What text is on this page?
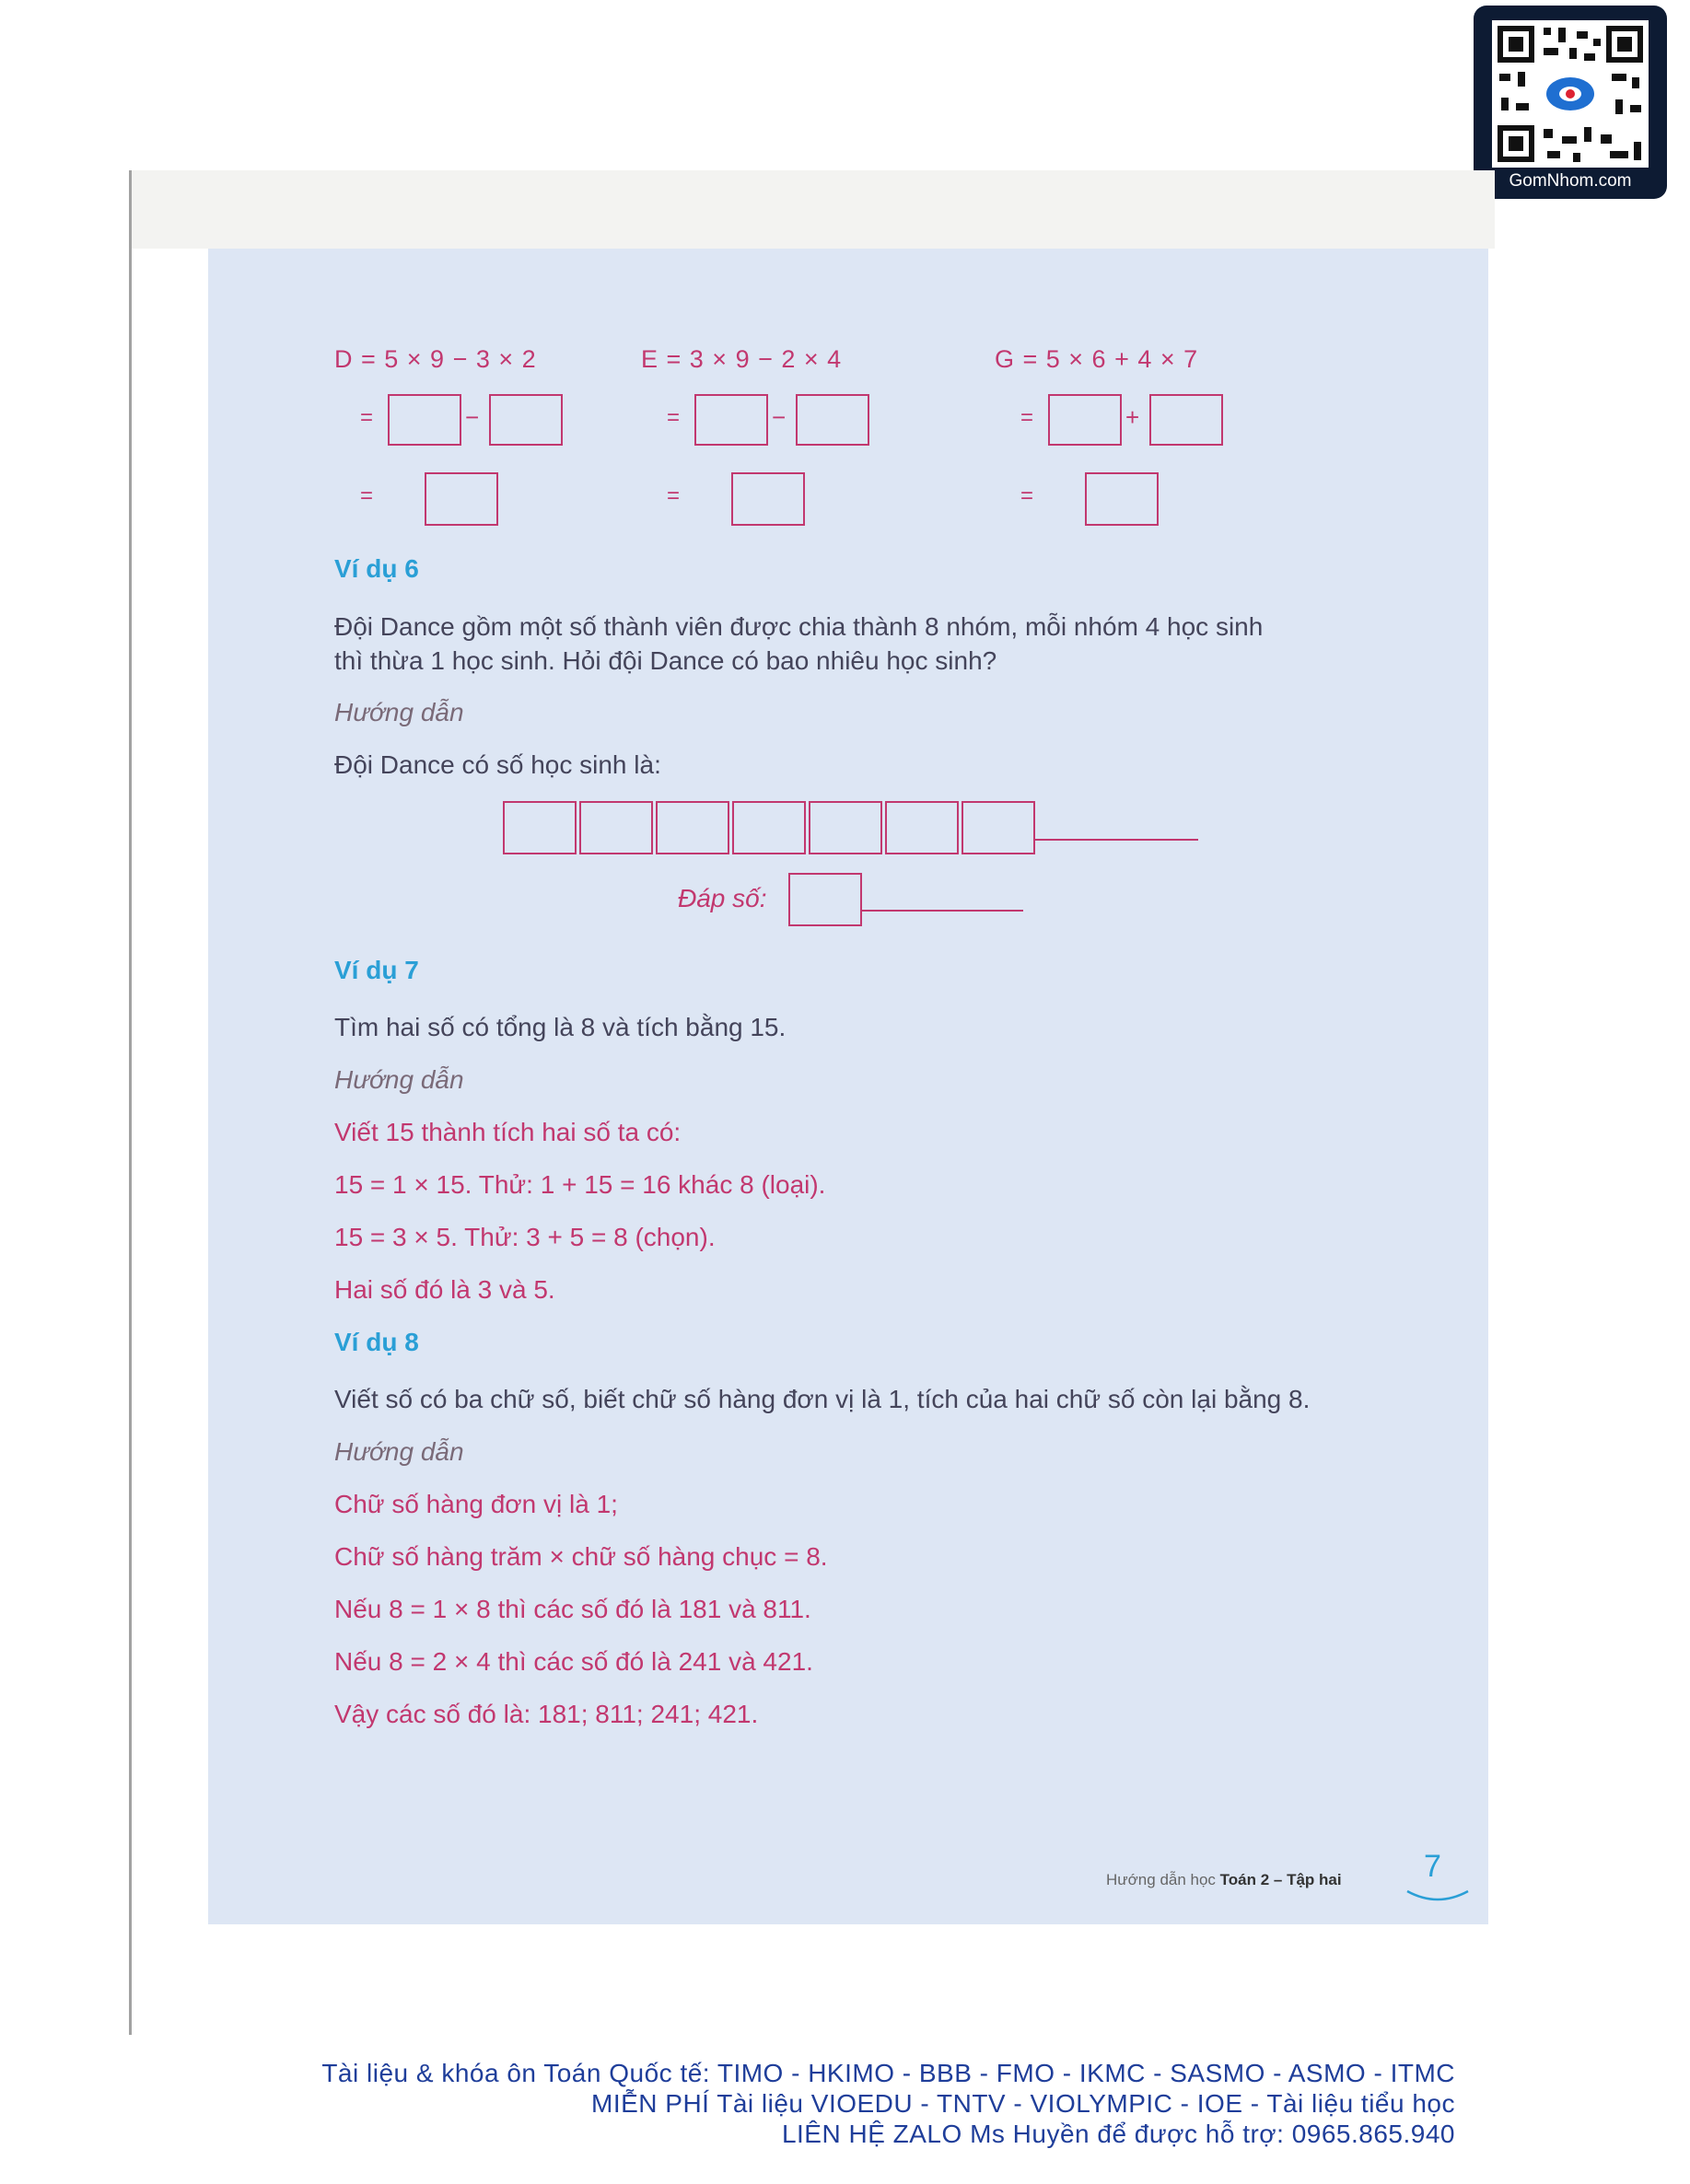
GomNhom.com
D = 5 × 9 − 3 × 2
=	−
=
E = 3 × 9 − 2 × 4
=	−
=
G = 5 × 6 + 4 × 7
=	+
=
Ví dụ 6
Đội Dance gồm một số thành viên được chia thành 8 nhóm, mỗi nhóm 4 học sinh
thì thừa 1 học sinh. Hỏi đội Dance có bao nhiêu học sinh?
Hướng dẫn
Đội Dance có số học sinh là:
Đáp số:
Ví dụ 7
Tìm hai số có tổng là 8 và tích bằng 15.
Hướng dẫn
Viết 15 thành tích hai số ta có:
15 = 1 × 15. Thử: 1 + 15 = 16 khác 8 (loại).
15 = 3 × 5. Thử: 3 + 5 = 8 (chọn).
Hai số đó là 3 và 5.
Ví dụ 8
Viết số có ba chữ số, biết chữ số hàng đơn vị là 1, tích của hai chữ số còn lại bằng 8.
Hướng dẫn
Chữ số hàng đơn vị là 1;
Chữ số hàng trăm × chữ số hàng chục = 8.
Nếu 8 = 1 × 8 thì các số đó là 181 và 811.
Nếu 8 = 2 × 4 thì các số đó là 241 và 421.
Vậy các số đó là: 181; 811; 241; 421.
Hướng dẫn học Toán 2 – Tập hai	7
Tài liệu & khóa ôn Toán Quốc tế: TIMO - HKIMO - BBB - FMO - IKMC - SASMO - ASMO - ITMC
MIỄN PHÍ Tài liệu VIOEDU - TNTV - VIOLYMPIC - IOE - Tài liệu tiểu học
LIÊN HỆ ZALO Ms Huyền để được hỗ trợ: 0965.865.940
